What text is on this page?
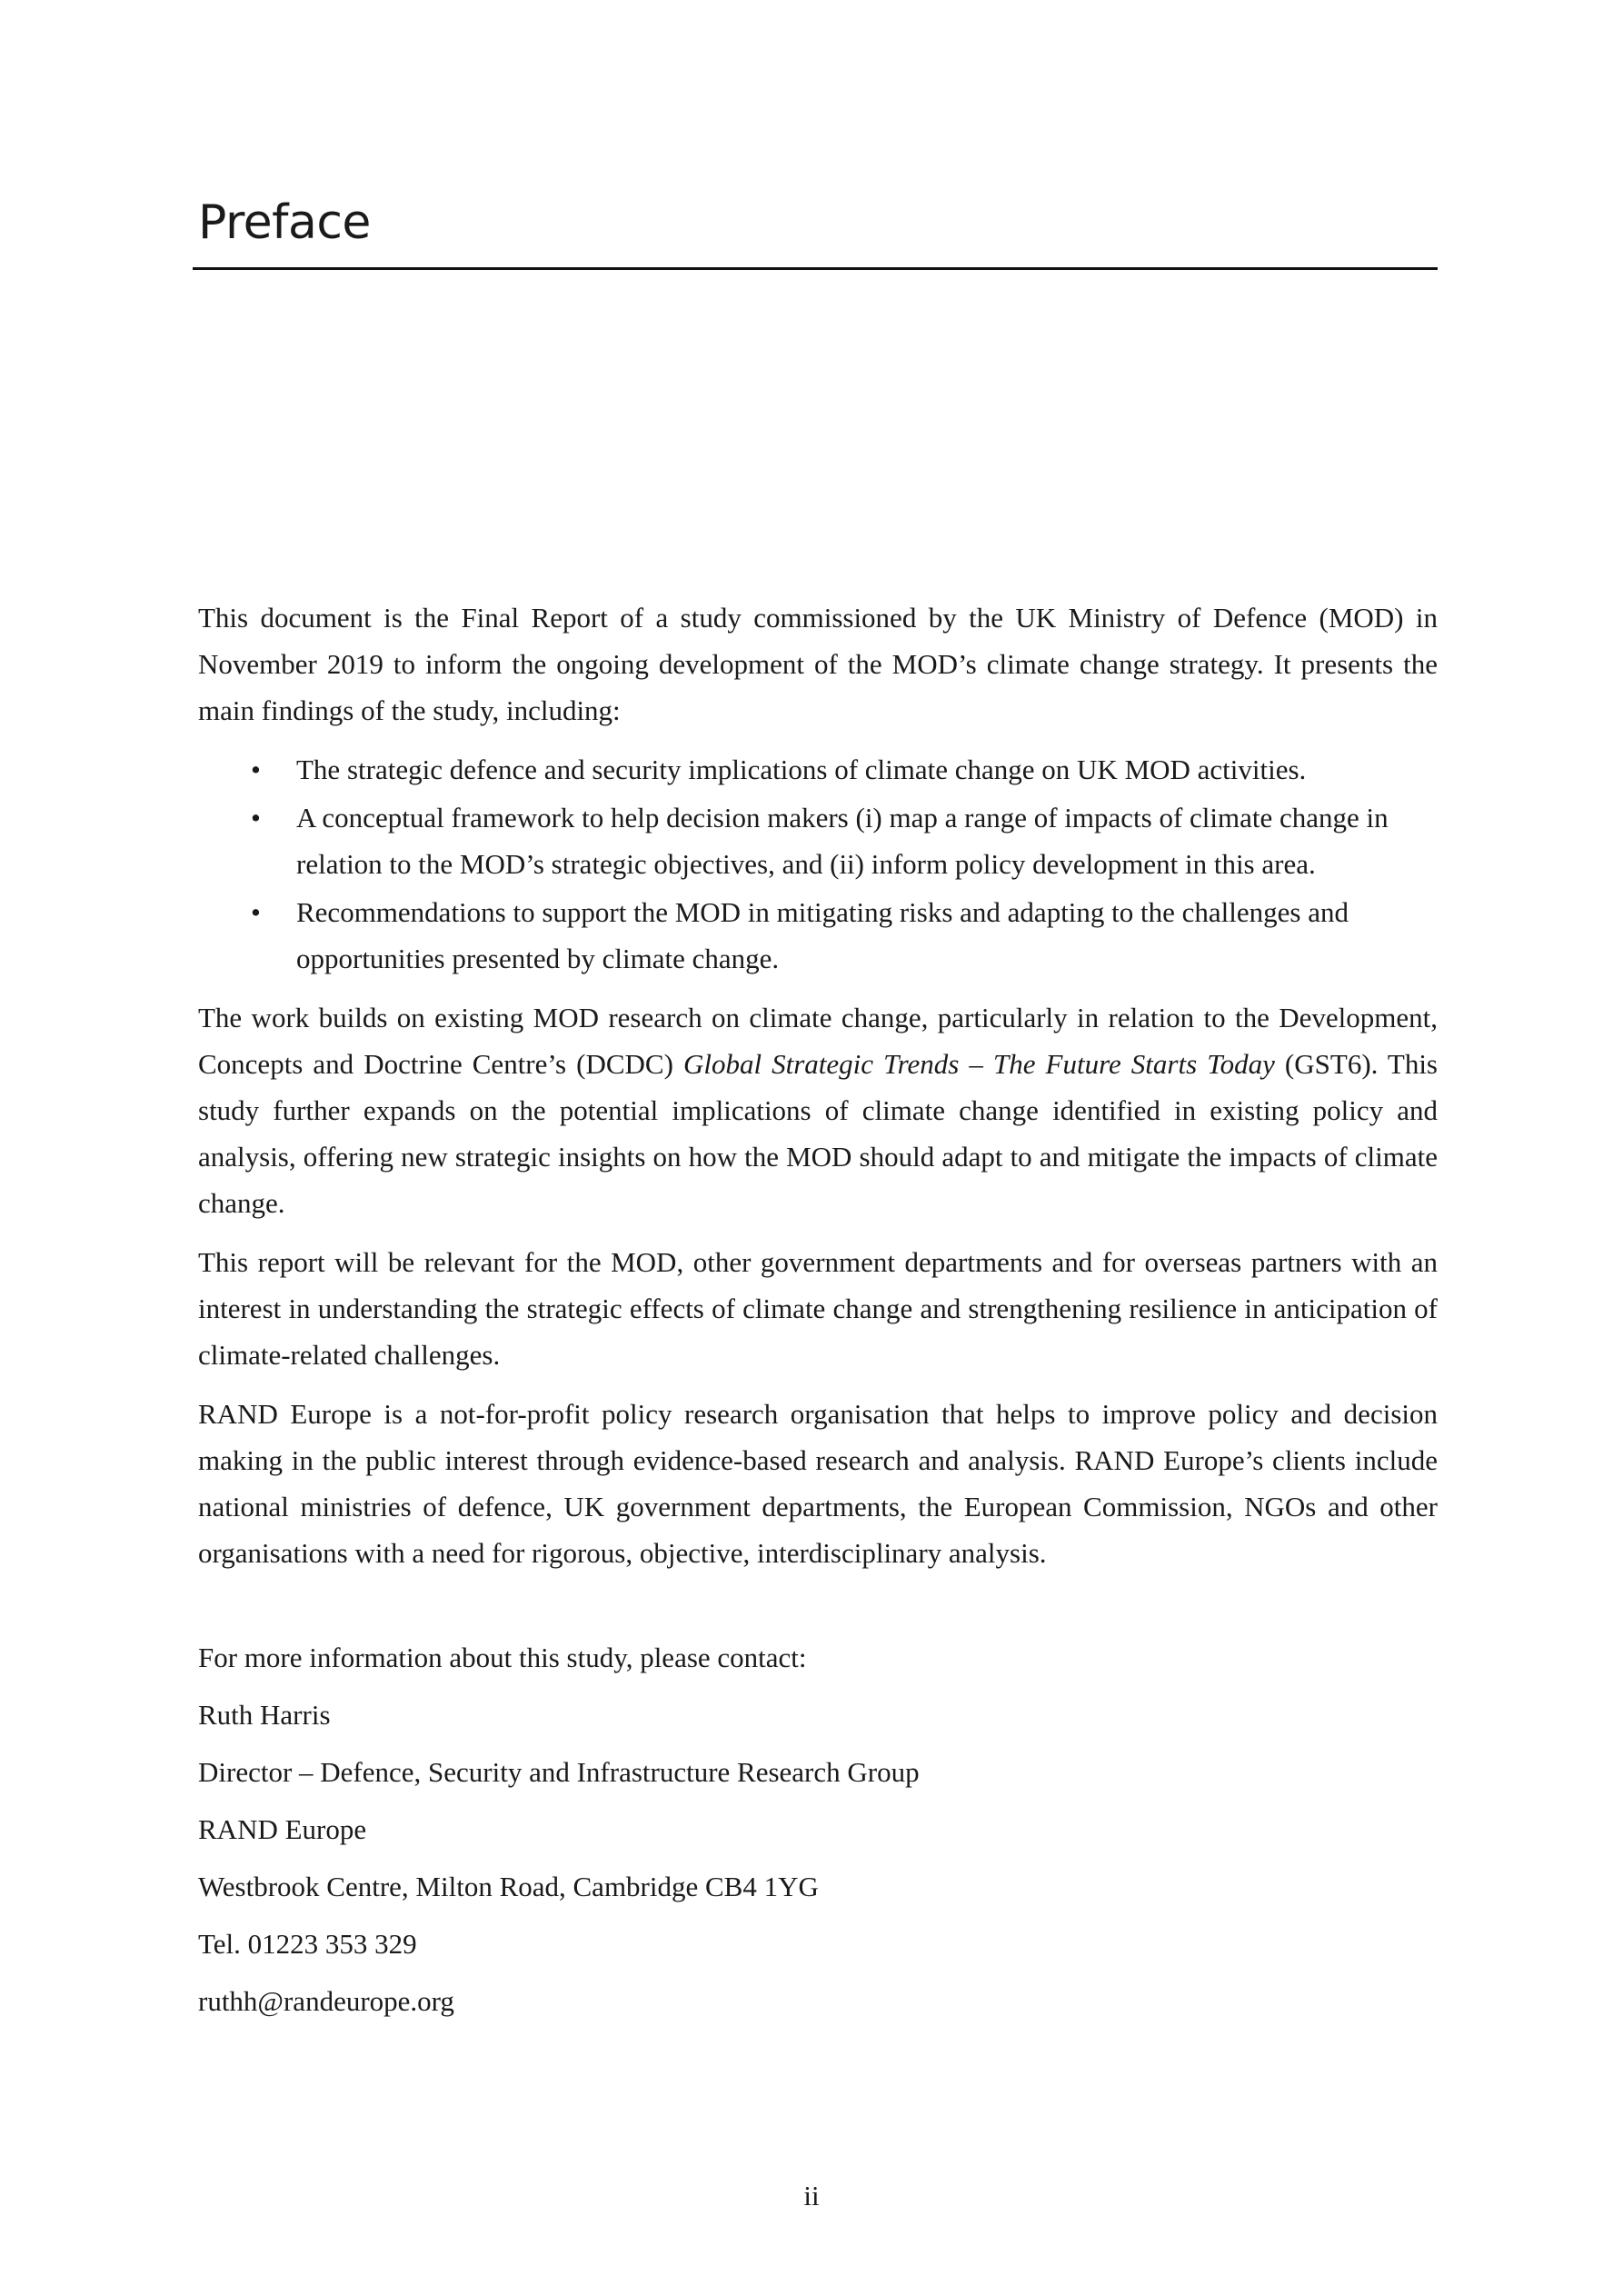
Preface

This document is the Final Report of a study commissioned by the UK Ministry of Defence (MOD) in November 2019 to inform the ongoing development of the MOD’s climate change strategy. It presents the main findings of the study, including:

• The strategic defence and security implications of climate change on UK MOD activities.
• A conceptual framework to help decision makers (i) map a range of impacts of climate change in relation to the MOD’s strategic objectives, and (ii) inform policy development in this area.
• Recommendations to support the MOD in mitigating risks and adapting to the challenges and opportunities presented by climate change.

The work builds on existing MOD research on climate change, particularly in relation to the Development, Concepts and Doctrine Centre’s (DCDC) Global Strategic Trends – The Future Starts Today (GST6). This study further expands on the potential implications of climate change identified in existing policy and analysis, offering new strategic insights on how the MOD should adapt to and mitigate the impacts of climate change.

This report will be relevant for the MOD, other government departments and for overseas partners with an interest in understanding the strategic effects of climate change and strengthening resilience in anticipation of climate-related challenges.

RAND Europe is a not-for-profit policy research organisation that helps to improve policy and decision making in the public interest through evidence-based research and analysis. RAND Europe’s clients include national ministries of defence, UK government departments, the European Commission, NGOs and other organisations with a need for rigorous, objective, interdisciplinary analysis.

For more information about this study, please contact:
Ruth Harris
Director – Defence, Security and Infrastructure Research Group
RAND Europe
Westbrook Centre, Milton Road, Cambridge CB4 1YG
Tel. 01223 353 329
ruthh@randeurope.org
ii
